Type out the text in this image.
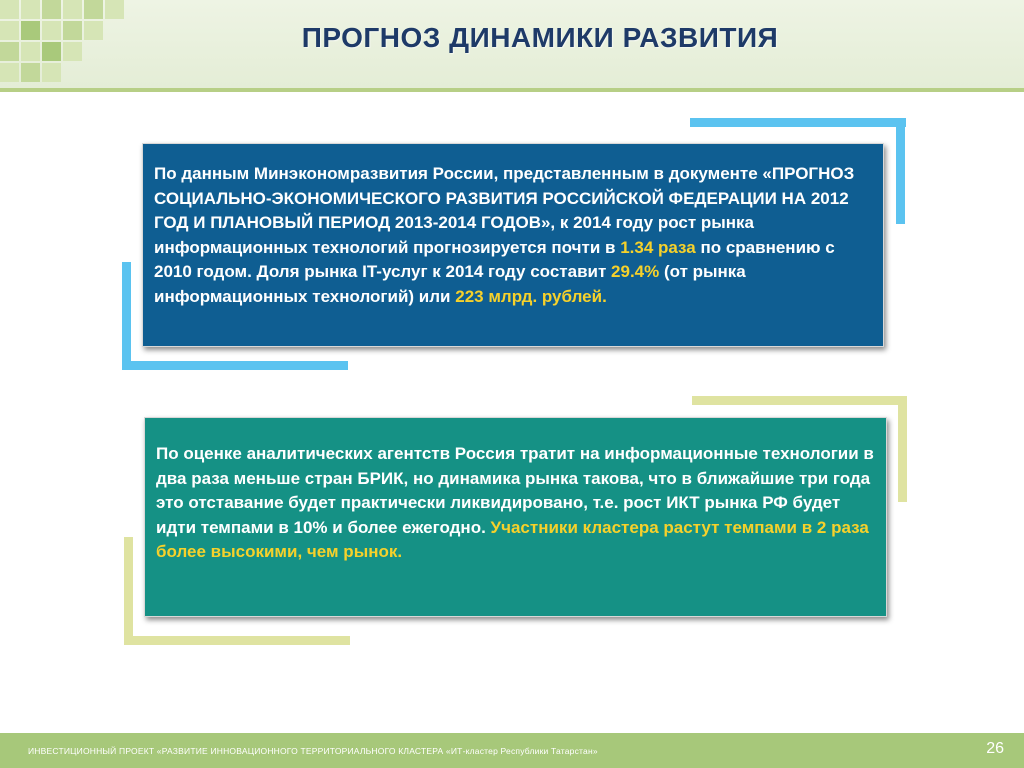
ПРОГНОЗ ДИНАМИКИ РАЗВИТИЯ
По данным Минэкономразвития России, представленным в документе «ПРОГНОЗ СОЦИАЛЬНО-ЭКОНОМИЧЕСКОГО РАЗВИТИЯ РОССИЙСКОЙ ФЕДЕРАЦИИ НА 2012 ГОД И ПЛАНОВЫЙ ПЕРИОД 2013-2014 ГОДОВ», к 2014 году рост рынка информационных технологий прогнозируется почти в 1.34 раза по сравнению с 2010 годом. Доля рынка IT-услуг к 2014 году составит 29.4% (от рынка информационных технологий) или 223 млрд. рублей.
По оценке аналитических агентств Россия тратит на информационные технологии в два раза меньше стран БРИК, но динамика рынка такова, что в ближайшие три года это отставание будет практически ликвидировано, т.е. рост ИКТ рынка РФ будет идти темпами в 10% и более ежегодно. Участники кластера растут темпами в 2 раза более высокими, чем рынок.
ИНВЕСТИЦИОННЫЙ ПРОЕКТ «РАЗВИТИЕ ИННОВАЦИОННОГО ТЕРРИТОРИАЛЬНОГО КЛАСТЕРА «ИТ-кластер Республики Татарстан»	26
